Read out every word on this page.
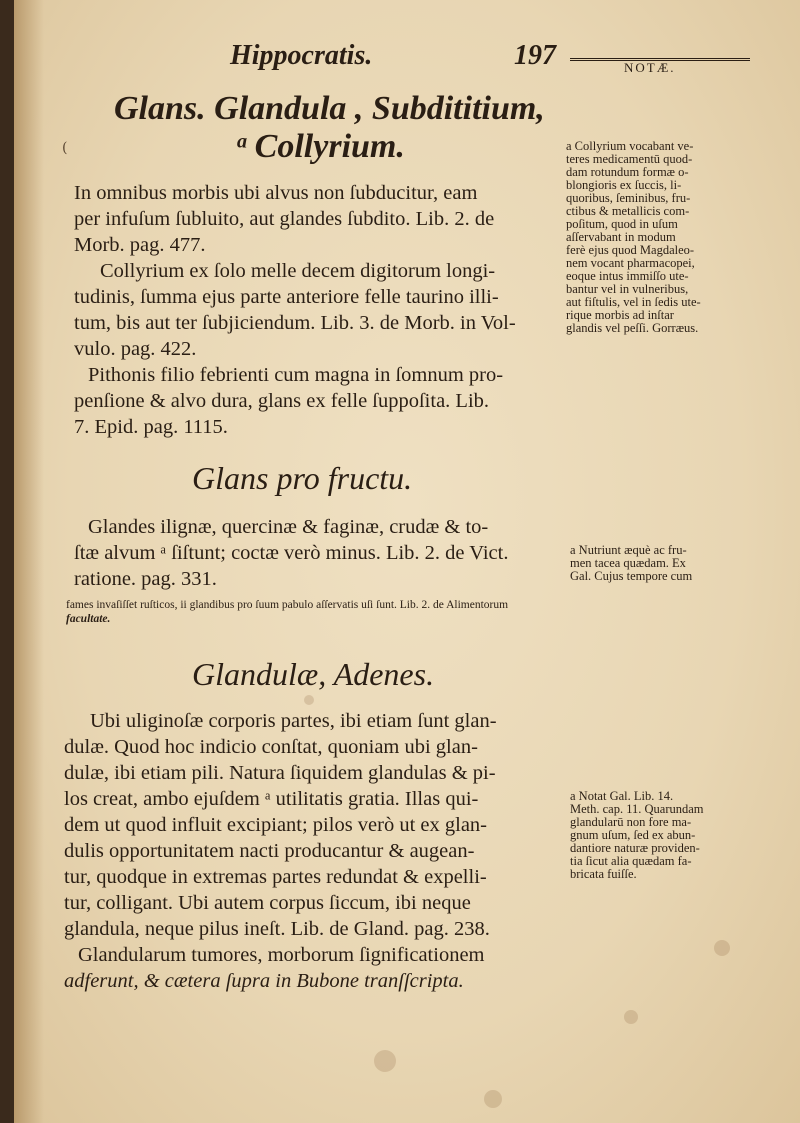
(
Hippocratis.	197	NOTÆ.
Glans. Glandula , Subdititium,
ᵃ Collyrium.
In omnibus morbis ubi alvus non ſubducitur, eam
per infuſum ſubluito, aut glandes ſubdito. Lib. 2. de
Morb. pag. 477.
Collyrium ex ſolo melle decem digitorum longi-
tudinis, ſumma ejus parte anteriore felle taurino illi-
tum, bis aut ter ſubjiciendum. Lib. 3. de Morb. in Vol-
vulo. pag. 422.
Pithonis filio febrienti cum magna in ſomnum pro-
penſione & alvo dura, glans ex felle ſuppoſita. Lib.
7. Epid. pag. 1115.
a Collyrium vocabant ve-
teres medicamentū quod-
dam rotundum formæ o-
blongioris ex ſuccis, li-
quoribus, ſeminibus, fru-
ctibus & metallicis com-
poſitum, quod in uſum
aſſervabant in modum
ferè ejus quod Magdaleo-
nem vocant pharmacopei,
eoque intus immiſſo ute-
bantur vel in vulneribus,
aut fiſtulis, vel in ſedis ute-
rique morbis ad inſtar
glandis vel peſſi. Gorræus.
Glans pro fructu.
Glandes ilignæ, quercinæ & faginæ, crudæ & to-
ſtæ alvum ᵃ ſiſtunt; coctæ verò minus. Lib. 2. de Vict.
ratione. pag. 331.
a Nutriunt æquè ac fru-
men tacea quædam. Ex
Gal. Cujus tempore cum
fames invaſiſſet ruſticos, ii glandibus pro ſuum pabulo aſſervatis uſi ſunt. Lib. 2. de Alimentorum
facultate.
Glandulæ, Adenes.
Ubi uliginoſæ corporis partes, ibi etiam ſunt glan-
dulæ. Quod hoc indicio conſtat, quoniam ubi glan-
dulæ, ibi etiam pili. Natura ſiquidem glandulas & pi-
los creat, ambo ejuſdem ᵃ utilitatis gratia. Illas qui-
dem ut quod influit excipiant; pilos verò ut ex glan-
dulis opportunitatem nacti producantur & augean-
tur, quodque in extremas partes redundat & expelli-
tur, colligant. Ubi autem corpus ſiccum, ibi neque
glandula, neque pilus ineſt. Lib. de Gland. pag. 238.
Glandularum tumores, morborum ſignificationem
adferunt, & cætera ſupra in Bubone tranſſcripta.
a Notat Gal. Lib. 14.
Meth. cap. 11. Quarundam
glandularū non fore ma-
gnum uſum, ſed ex abun-
dantiore naturæ providen-
tia ſicut alia quædam fa-
bricata fuiſſe.
